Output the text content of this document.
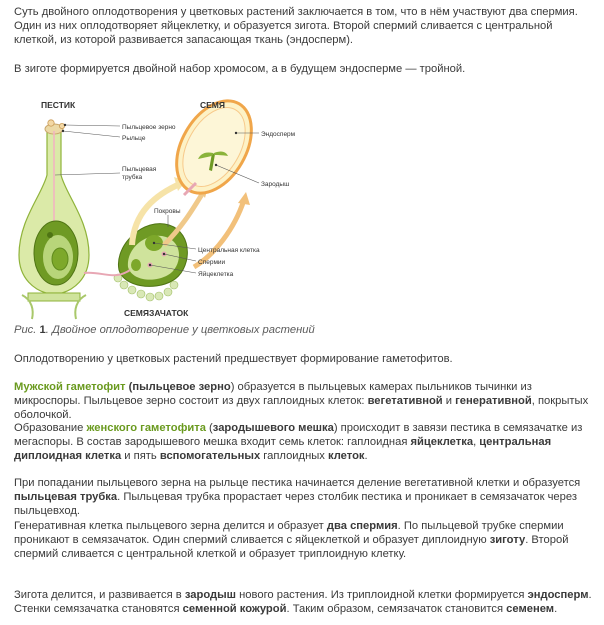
Суть двойного оплодотворения у цветковых растений заключается в том, что в нём участвуют два спермия. Один из них оплодотворяет яйцеклетку, и образуется зигота. Второй спермий сливается с центральной клеткой, из которой развивается запасающая ткань (эндосперм).

В зиготе формируется двойной набор хромосом, а в будущем эндосперме — тройной.

ПЕСТИК	СЕМЯ
СЕМЯЗАЧАТОК
Пыльцевое зерно
Рыльце
Пыльцевая
трубка
Эндосперм
Зародыш
Покровы
Центральная клетка
Спермии
Яйцеклетка

Рис. 1. Двойное оплодотворение у цветковых растений

Оплодотворению у цветковых растений предшествует формирование гаметофитов.

Мужской гаметофит (пыльцевое зерно) образуется в пыльцевых камерах пыльников тычинки из микроспоры. Пыльцевое зерно состоит из двух гаплоидных клеток: вегетативной и генеративной, покрытых оболочкой.

Образование женского гаметофита (зародышевого мешка) происходит в завязи пестика в семязачатке из мегаспоры. В состав зародышевого мешка входит семь клеток: гаплоидная яйцеклетка, центральная диплоидная клетка и пять вспомогательных гаплоидных клеток.

При попадании пыльцевого зерна на рыльце пестика начинается деление вегетативной клетки и образуется пыльцевая трубка. Пыльцевая трубка прорастает через столбик пестика и проникает в семязачаток через пыльцевход.

Генеративная клетка пыльцевого зерна делится и образует два спермия. По пыльцевой трубке спермии проникают в семязачаток. Один спермий сливается с яйцеклеткой и образует диплоидную зиготу. Второй спермий сливается с центральной клеткой и образует триплоидную клетку.

Зигота делится, и развивается в зародыш нового растения. Из триплоидной клетки формируется эндосперм. Стенки семязачатка становятся семенной кожурой. Таким образом, семязачаток становится семенем.
